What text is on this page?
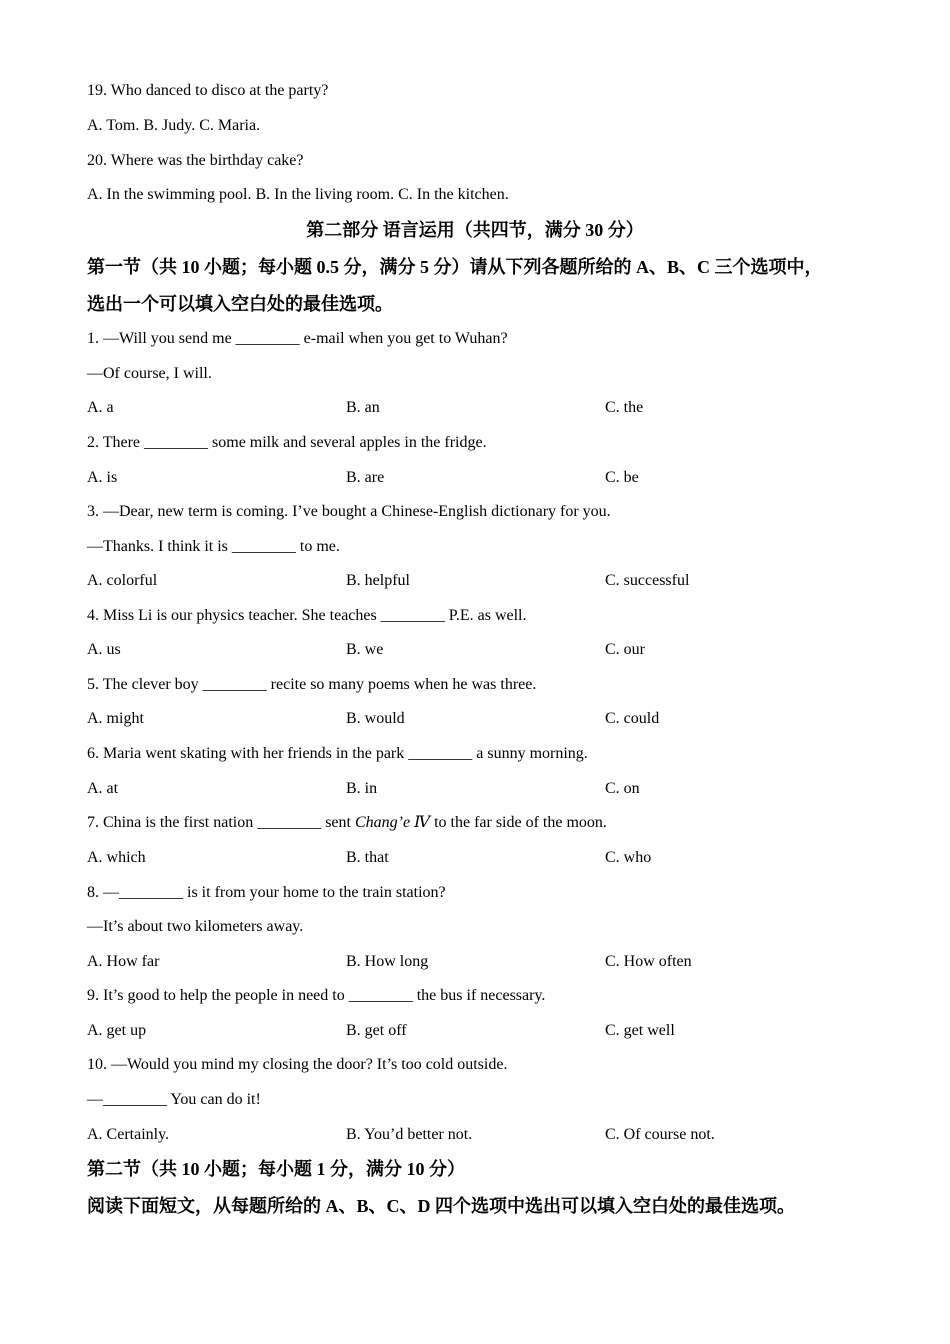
19. Who danced to disco at the party?
A. Tom. B. Judy. C. Maria.
20. Where was the birthday cake?
A. In the swimming pool. B. In the living room. C. In the kitchen.
第二部分 语言运用（共四节，满分 30 分）
第一节（共 10 小题；每小题 0.5 分，满分 5 分）请从下列各题所给的 A、B、C 三个选项中，
选出一个可以填入空白处的最佳选项。
1. —Will you send me ________ e-mail when you get to Wuhan?
—Of course, I will.
A. a	B. an	C. the
2. There ________ some milk and several apples in the fridge.
A. is	B. are	C. be
3. —Dear, new term is coming. I’ve bought a Chinese-English dictionary for you.
—Thanks. I think it is ________ to me.
A. colorful	B. helpful	C. successful
4. Miss Li is our physics teacher. She teaches ________ P.E. as well.
A. us	B. we	C. our
5. The clever boy ________ recite so many poems when he was three.
A. might	B. would	C. could
6. Maria went skating with her friends in the park ________ a sunny morning.
A. at	B. in	C. on
7. China is the first nation ________ sent Chang’e Ⅳ to the far side of the moon.
A. which	B. that	C. who
8. —________ is it from your home to the train station?
—It’s about two kilometers away.
A. How far	B. How long	C. How often
9. It’s good to help the people in need to ________ the bus if necessary.
A. get up	B. get off	C. get well
10. —Would you mind my closing the door? It’s too cold outside.
—________ You can do it!
A. Certainly.	B. You’d better not.	C. Of course not.
第二节（共 10 小题；每小题 1 分，满分 10 分）
阅读下面短文，从每题所给的 A、B、C、D 四个选项中选出可以填入空白处的最佳选项。
